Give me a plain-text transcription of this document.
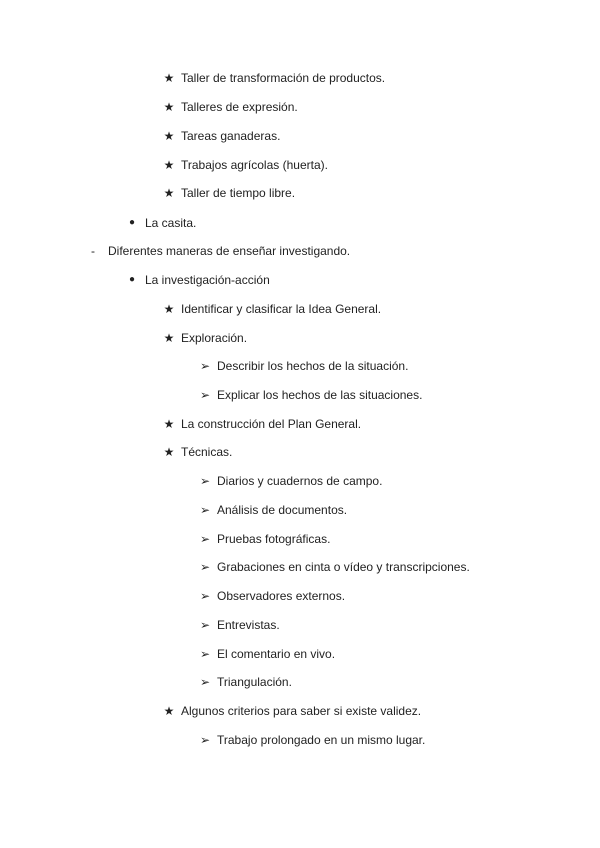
★ Taller de transformación de productos.
★ Talleres de expresión.
★ Tareas ganaderas.
★ Trabajos agrícolas (huerta).
★ Taller de tiempo libre.
● La casita.
-	Diferentes maneras de enseñar investigando.
● La investigación-acción
★ Identificar y clasificar la Idea General.
★ Exploración.
➢ Describir los hechos de la situación.
➢ Explicar los hechos de las situaciones.
★ La construcción del Plan General.
★ Técnicas.
➢ Diarios y cuadernos de campo.
➢ Análisis de documentos.
➢ Pruebas fotográficas.
➢ Grabaciones en cinta o vídeo y transcripciones.
➢ Observadores externos.
➢ Entrevistas.
➢ El comentario en vivo.
➢ Triangulación.
★ Algunos criterios para saber si existe validez.
➢ Trabajo prolongado en un mismo lugar.
